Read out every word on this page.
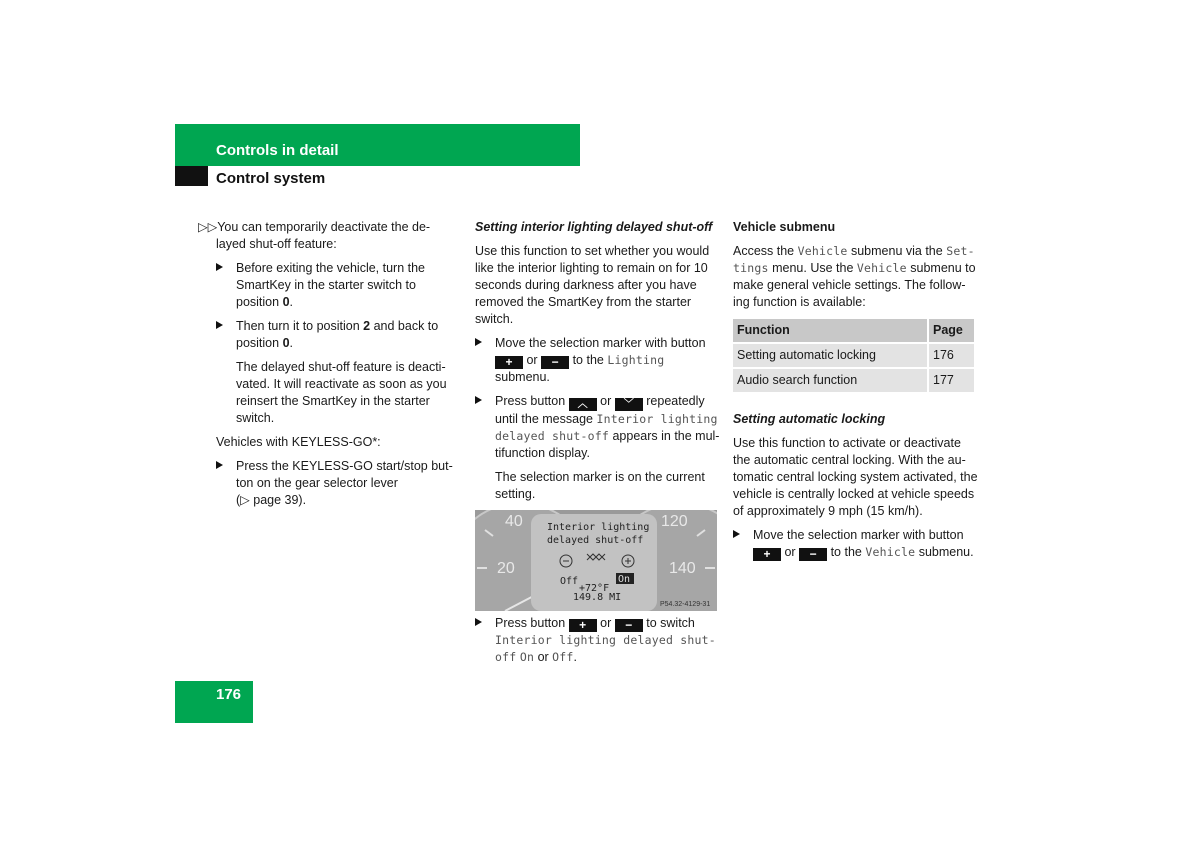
Controls in detail
Control system
▷▷You can temporarily deactivate the de-
layed shut-off feature:
Before exiting the vehicle, turn the SmartKey in the starter switch to position 0.
Then turn it to position 2 and back to position 0.
The delayed shut-off feature is deacti-vated. It will reactivate as soon as you reinsert the SmartKey in the starter switch.
Vehicles with KEYLESS-GO*:
Press the KEYLESS-GO start/stop but-ton on the gear selector lever
(▷ page 39).
Setting interior lighting delayed shut-off
Use this function to set whether you would like the interior lighting to remain on for 10 seconds during darkness after you have removed the SmartKey from the starter switch.
Move the selection marker with button + or − to the Lighting submenu.
Press button ︿ or ﹀ repeatedly until the message Interior lighting delayed shut-off appears in the mul-tifunction display.
The selection marker is on the current setting.
40
20
120
140
Interior lighting
delayed shut-off
Off
+72°F
149.8 MI
On
P54.32-4129-31
Press button + or − to switch Interior lighting delayed shut-off On or Off.
Vehicle submenu
Access the Vehicle submenu via the Set-tings menu. Use the Vehicle submenu to make general vehicle settings. The follow-ing function is available:
Function	Page
Setting automatic locking	176
Audio search function	177
Setting automatic locking
Use this function to activate or deactivate the automatic central locking. With the au-tomatic central locking system activated, the vehicle is centrally locked at vehicle speeds of approximately 9 mph (15 km/h).
Move the selection marker with button + or − to the Vehicle submenu.
176
